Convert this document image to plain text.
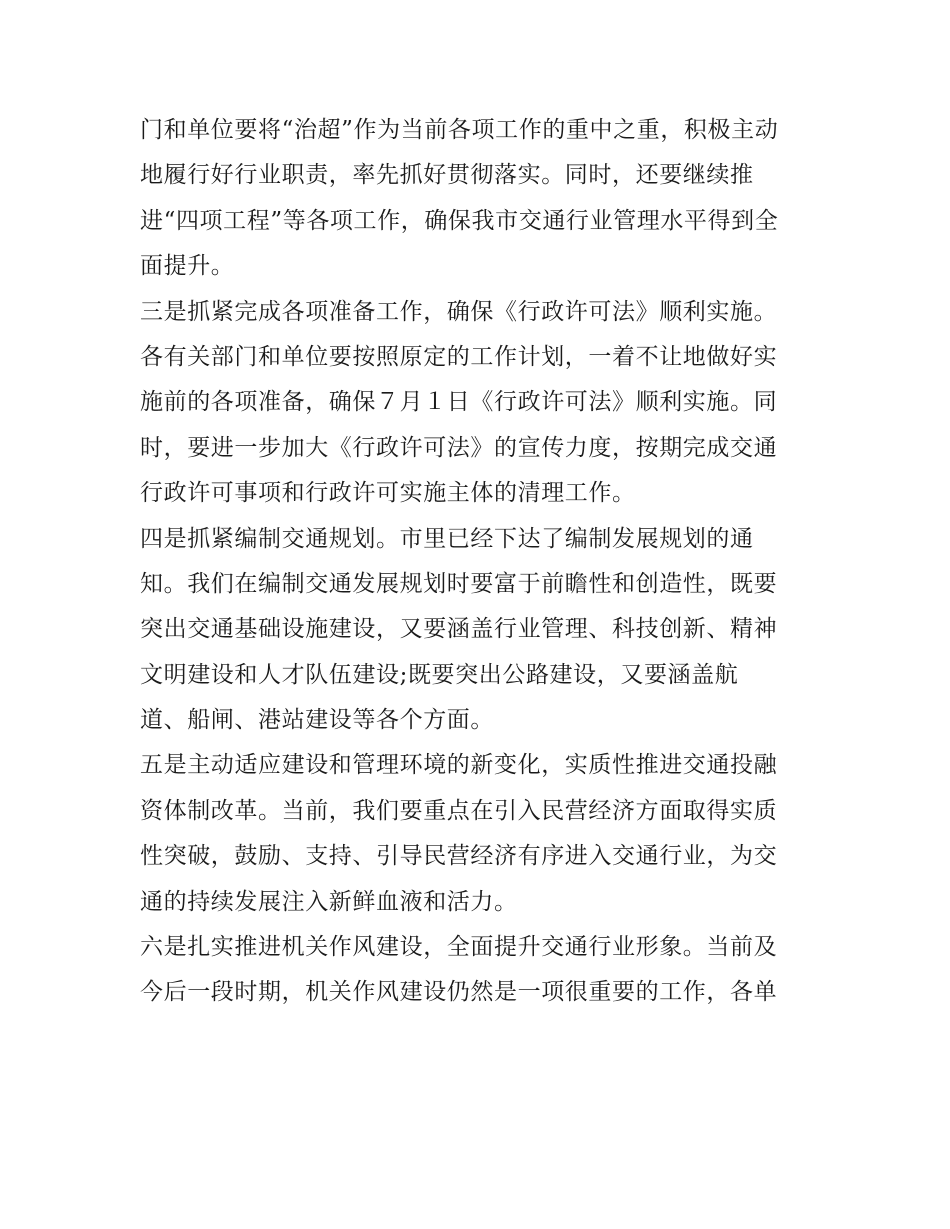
门和单位要将“治超”作为当前各项工作的重中之重，积极主动
地履行好行业职责，率先抓好贯彻落实。同时，还要继续推
进“四项工程”等各项工作，确保我市交通行业管理水平得到全
面提升。
三是抓紧完成各项准备工作，确保《行政许可法》顺利实施。
各有关部门和单位要按照原定的工作计划，一着不让地做好实
施前的各项准备，确保７月１日《行政许可法》顺利实施。同
时，要进一步加大《行政许可法》的宣传力度，按期完成交通
行政许可事项和行政许可实施主体的清理工作。
四是抓紧编制交通规划。市里已经下达了编制发展规划的通
知。我们在编制交通发展规划时要富于前瞻性和创造性，既要
突出交通基础设施建设，又要涵盖行业管理、科技创新、精神
文明建设和人才队伍建设;既要突出公路建设，又要涵盖航
道、船闸、港站建设等各个方面。
五是主动适应建设和管理环境的新变化，实质性推进交通投融
资体制改革。当前，我们要重点在引入民营经济方面取得实质
性突破，鼓励、支持、引导民营经济有序进入交通行业，为交
通的持续发展注入新鲜血液和活力。
六是扎实推进机关作风建设，全面提升交通行业形象。当前及
今后一段时期，机关作风建设仍然是一项很重要的工作，各单
